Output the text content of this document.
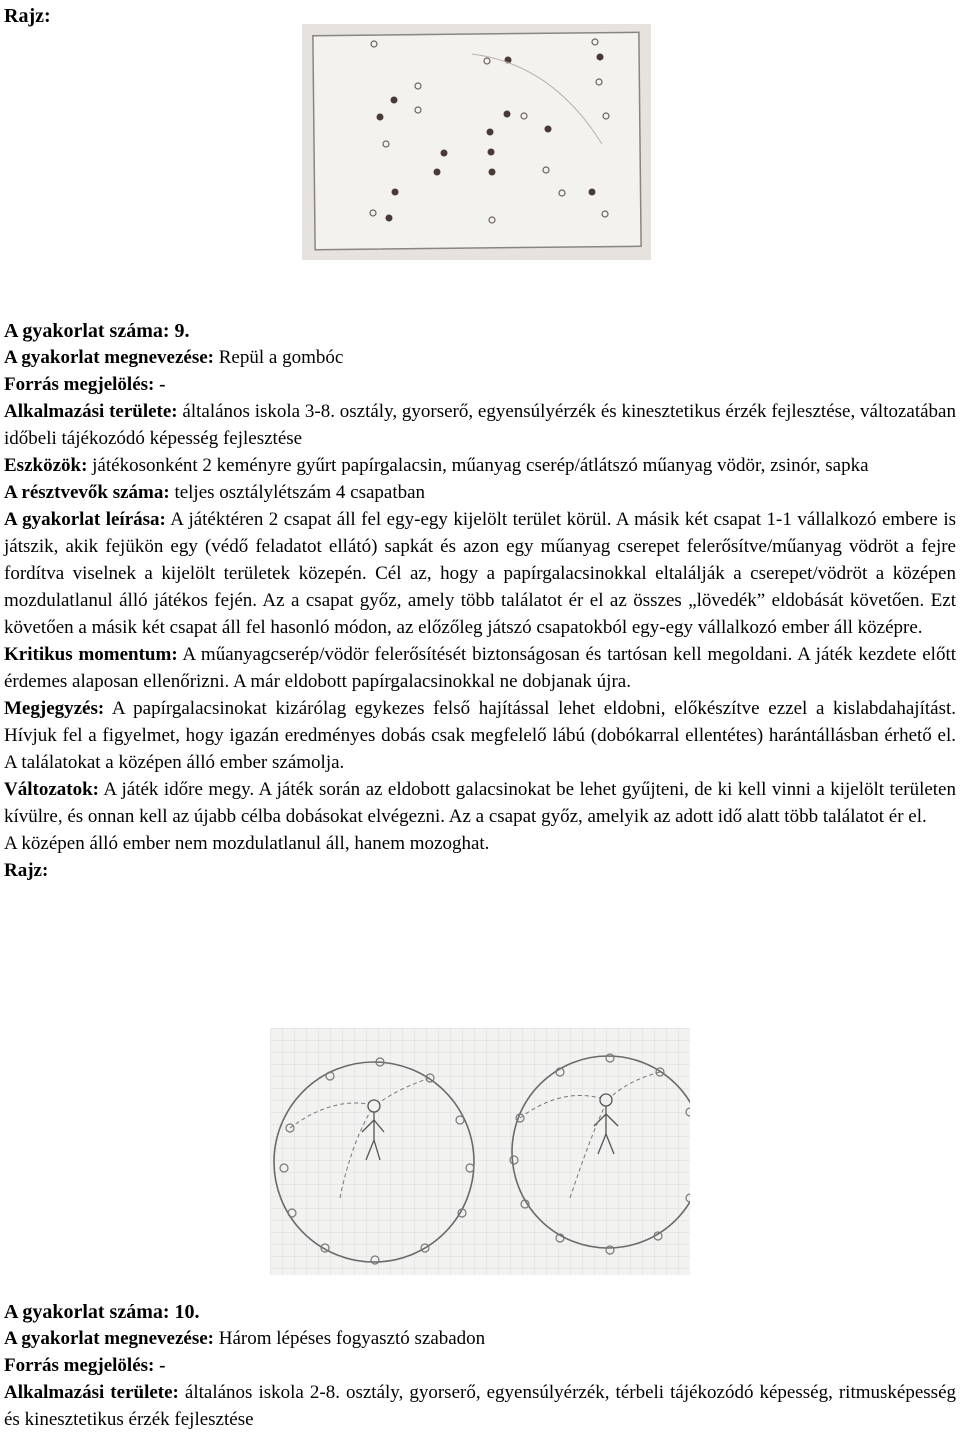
Rajz:
A gyakorlat száma: 9.

A gyakorlat megnevezése: Repül a gombóc

Forrás megjelölés: -

Alkalmazási területe: általános iskola 3-8. osztály, gyorserő, egyensúlyérzék és kinesztetikus érzék fejlesztése, változatában időbeli tájékozódó képesség fejlesztése

Eszközök: játékosonként 2 keményre gyűrt papírgalacsin, műanyag cserép/átlátszó műanyag vödör, zsinór, sapka

A résztvevők száma: teljes osztálylétszám 4 csapatban

A gyakorlat leírása: A játéktéren 2 csapat áll fel egy-egy kijelölt terület körül. A másik két csapat 1-1 vállalkozó embere is játszik, akik fejükön egy (védő feladatot ellátó) sapkát és azon egy műanyag cserepet felerősítve/műanyag vödröt a fejre fordítva viselnek a kijelölt területek közepén. Cél az, hogy a papírgalacsinokkal eltalálják a cserepet/vödröt a középen mozdulatlanul álló játékos fején. Az a csapat győz, amely több találatot ér el az összes „lövedék” eldobását követően. Ezt követően a másik két csapat áll fel hasonló módon, az előzőleg játszó csapatokból egy-egy vállalkozó ember áll középre.

Kritikus momentum: A műanyagcserép/vödör felerősítését biztonságosan és tartósan kell megoldani. A játék kezdete előtt érdemes alaposan ellenőrizni. A már eldobott papírgalacsinokkal ne dobjanak újra.

Megjegyzés: A papírgalacsinokat kizárólag egykezes felső hajítással lehet eldobni, előkészítve ezzel a kislabdahajítást. Hívjuk fel a figyelmet, hogy igazán eredményes dobás csak megfelelő lábú (dobókarral ellentétes) harántállásban érhető el. A találatokat a középen álló ember számolja.

Változatok: A játék időre megy. A játék során az eldobott galacsinokat be lehet gyűjteni, de ki kell vinni a kijelölt területen kívülre, és onnan kell az újabb célba dobásokat elvégezni. Az a csapat győz, amelyik az adott idő alatt több találatot ér el.

A középen álló ember nem mozdulatlanul áll, hanem mozoghat.

Rajz:

A gyakorlat száma: 10.

A gyakorlat megnevezése: Három lépéses fogyasztó szabadon

Forrás megjelölés: -

Alkalmazási területe: általános iskola 2-8. osztály, gyorserő, egyensúlyérzék, térbeli tájékozódó képesség, ritmusképesség és kinesztetikus érzék fejlesztése
